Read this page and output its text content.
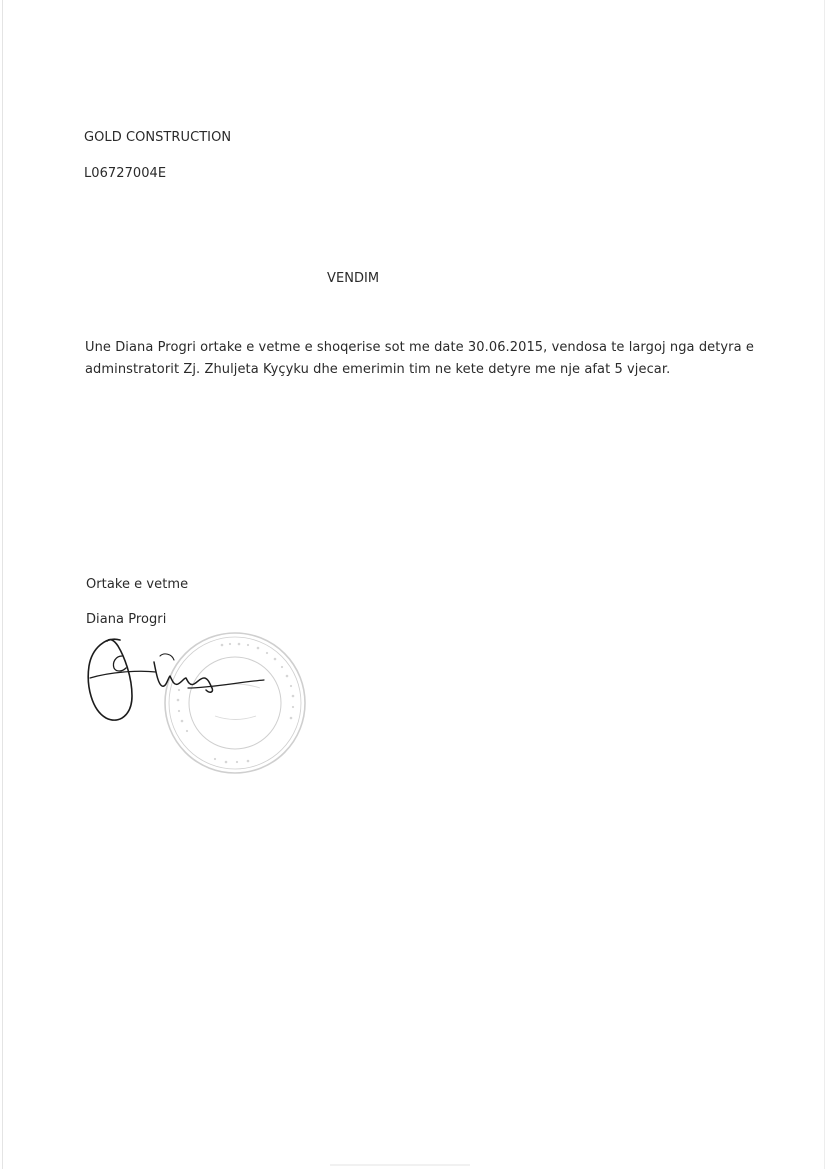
GOLD CONSTRUCTION
L06727004E
VENDIM
Une Diana Progri ortake e vetme e shoqerise sot me date 30.06.2015, vendosa te largoj nga detyra e
adminstratorit Zj. Zhuljeta Kyçyku dhe emerimin tim ne kete detyre me nje afat 5 vjecar.
Ortake e vetme
Diana Progri
